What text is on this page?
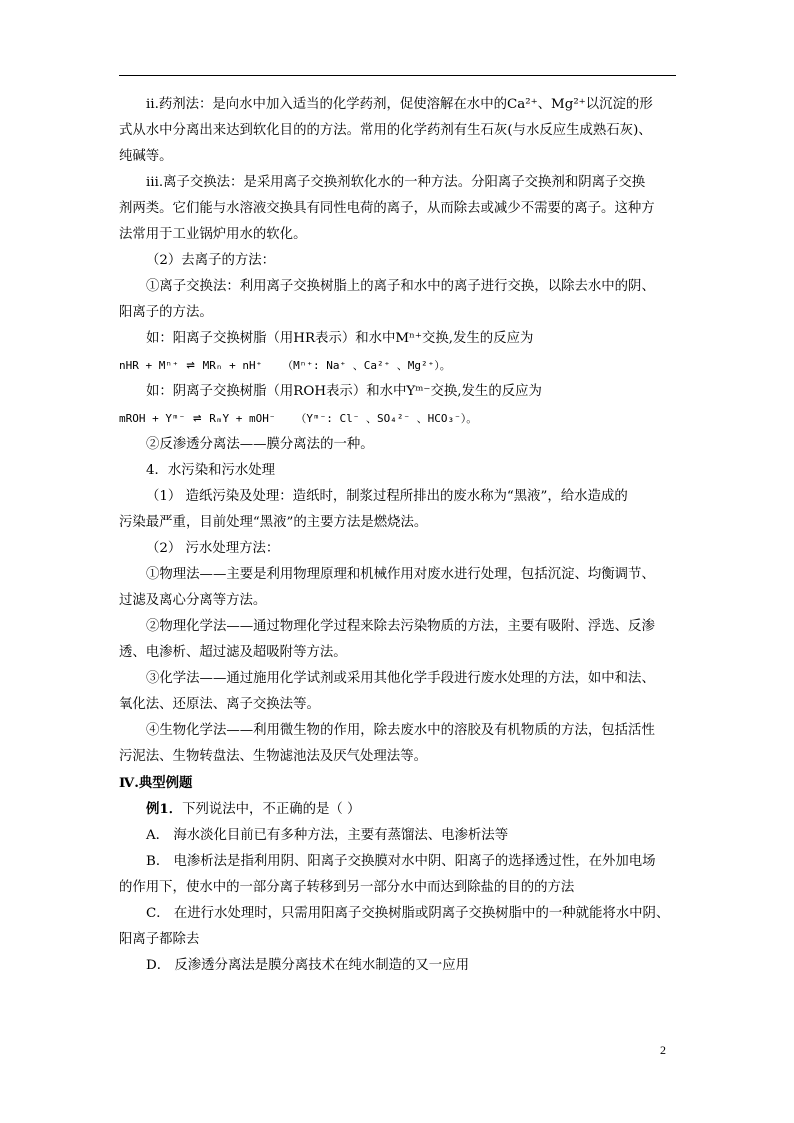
ⅱ.药剂法：是向水中加入适当的化学药剂，促使溶解在水中的Ca²⁺、Mg²⁺以沉淀的形

式从水中分离出来达到软化目的的方法。常用的化学药剂有生石灰(与水反应生成熟石灰)、

纯碱等。

ⅲ.离子交换法：是采用离子交换剂软化水的一种方法。分阳离子交换剂和阴离子交换

剂两类。它们能与水溶液交换具有同性电荷的离子，从而除去或减少不需要的离子。这种方

法常用于工业锅炉用水的软化。

（2）去离子的方法：

①离子交换法：利用离子交换树脂上的离子和水中的离子进行交换，以除去水中的阴、

阳离子的方法。

如：阳离子交换树脂（用HR表示）和水中Mⁿ⁺交换,发生的反应为

nHR + Mⁿ⁺ ⇌ MRₙ + nH⁺ （Mⁿ⁺: Na⁺ 、Ca²⁺ 、Mg²⁺）。

如：阴离子交换树脂（用ROH表示）和水中Yᵐ⁻交换,发生的反应为

mROH + Yᵐ⁻ ⇌ RₘY + mOH⁻ （Yᵐ⁻: Cl⁻ 、SO₄²⁻ 、HCO₃⁻）。

②反渗透分离法——膜分离法的一种。

4．水污染和污水处理

（1） 造纸污染及处理：造纸时，制浆过程所排出的废水称为“黑液”，给水造成的

污染最严重，目前处理“黑液”的主要方法是燃烧法。

（2） 污水处理方法：

①物理法——主要是利用物理原理和机械作用对废水进行处理，包括沉淀、均衡调节、

过滤及离心分离等方法。

②物理化学法——通过物理化学过程来除去污染物质的方法，主要有吸附、浮选、反渗

透、电渗析、超过滤及超吸附等方法。

③化学法——通过施用化学试剂或采用其他化学手段进行废水处理的方法，如中和法、

氧化法、还原法、离子交换法等。

④生物化学法——利用微生物的作用，除去废水中的溶胶及有机物质的方法，包括活性

污泥法、生物转盘法、生物滤池法及厌气处理法等。

Ⅳ.典型例题

例1．下列说法中，不正确的是（ ）

A． 海水淡化目前已有多种方法，主要有蒸馏法、电渗析法等

B． 电渗析法是指利用阴、阳离子交换膜对水中阴、阳离子的选择透过性，在外加电场

的作用下，使水中的一部分离子转移到另一部分水中而达到除盐的目的的方法

C． 在进行水处理时，只需用阳离子交换树脂或阴离子交换树脂中的一种就能将水中阴、

阳离子都除去

D． 反渗透分离法是膜分离技术在纯水制造的又一应用

2
